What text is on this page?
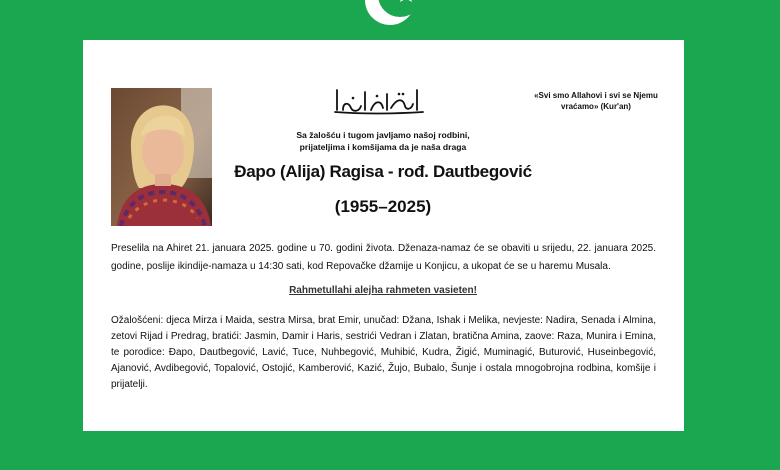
«Svi smo Allahovi i svi se Njemu vraćamo» (Kur'an)
Sa žalošću i tugom javljamo našoj rodbini,
prijateljima i komšijama da je naša draga
Đapo (Alija) Ragisa - rođ. Dautbegović
(1955–2025)
Preselila na Ahiret 21. januara 2025. godine u 70. godini života. Dženaza-namaz će se obaviti u srijedu, 22. januara 2025. godine, poslije ikindije-namaza u 14:30 sati, kod Repovačke džamije u Konjicu, a ukopat će se u haremu Musala.
Rahmetullahi alejha rahmeten vasieten!
Ožalošćeni: djeca Mirza i Maida, sestra Mirsa, brat Emir, unučad: Džana, Ishak i Melika, nevjeste: Nadira, Senada i Almina, zetovi Rijad i Predrag, bratići: Jasmin, Damir i Haris, sestrići Vedran i Zlatan, bratična Amina, zaove: Raza, Munira i Emina, te porodice: Đapo, Dautbegović, Lavić, Tuce, Nuhbegović, Muhibić, Kudra, Žigić, Muminagić, Buturović, Huseinbegović, Ajanović, Avdibegović, Topalović, Ostojić, Kamberović, Kazić, Žujo, Bubalo, Šunje i ostala mnogobrojna rodbina, komšije i prijatelji.
